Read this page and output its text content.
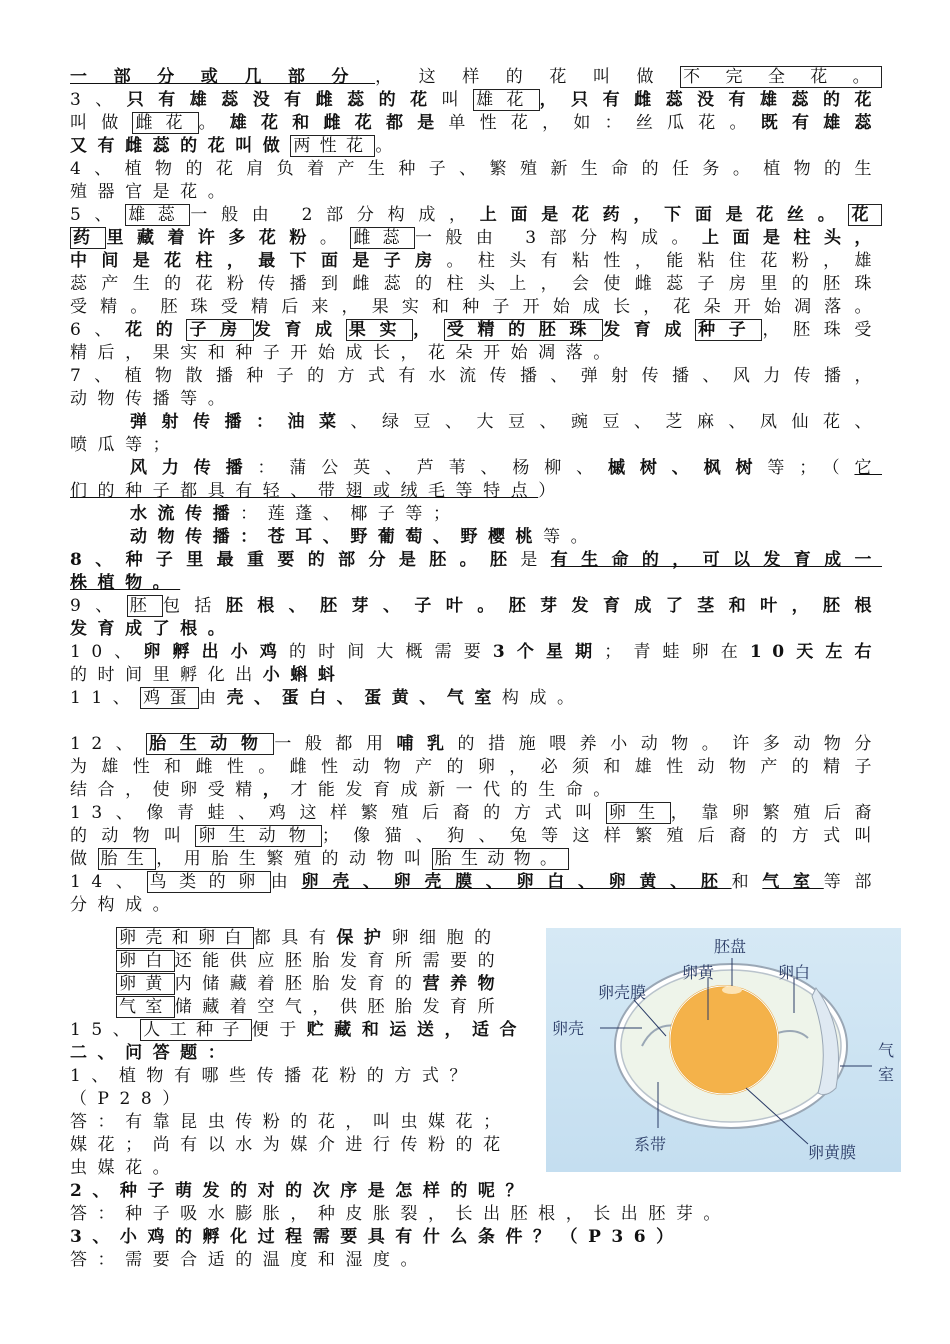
一部分或几部分，这样的花叫做 不完全花。
3、只有雄蕊没有雌蕊的花叫 雄花 ，只有雌蕊没有雄蕊的花
叫做 雌花 。雄花和雌花都是单性花，如：丝瓜花。既有雄蕊
又有雌蕊的花叫做 两性花 。
4、植物的花肩负着产生种子、繁殖新生命的任务。植物的生
殖器官是花。
5、 雄蕊 一般由 2部分构成，上面是花药，下面是花丝。 花
药 里藏着许多花粉。 雌蕊 一般由 3部分构成。上面是柱头，
中间是花柱，最下面是子房。柱头有粘性，能粘住花粉，雄
蕊产生的花粉传播到雌蕊的柱头上，会使雌蕊子房里的胚珠
受精。胚珠受精后来，果实和种子开始成长，花朵开始凋落。
6、花的 子房 发育成 果实 ， 受精的胚珠 发育成 种子 ，胚珠受
精后，果实和种子开始成长，花朵开始凋落。
7、植物散播种子的方式有水流传播、弹射传播、风力传播，
动物传播等。
弹射传播：油菜、绿豆、大豆、豌豆、芝麻、凤仙花、
喷瓜等；
风力传播：蒲公英、芦苇、杨柳、槭树、枫树等；（它
们的种子都具有轻、带翅或绒毛等特点）
水流传播：莲蓬、椰子等；
动物传播：苍耳、野葡萄、野樱桃等。
8、种子里最重要的部分是胚。胚是有生命的，可以发育成一
株植物。
9、 胚 包括胚根、胚芽、子叶。胚芽发育成了茎和叶，胚根
发育成了根。
10、卵孵出小鸡的时间大概需要3个星期；青蛙卵在10天左右
的时间里孵化出小蝌蚪
11、 鸡蛋 由壳、蛋白、蛋黄、气室构成。
12、 胎生动物 一般都用哺乳的措施喂养小动物。许多动物分
为雄性和雌性。雌性动物产的卵，必须和雄性动物产的精子
结合，使卵受精，才能发育成新一代的生命。
13、像青蛙、鸡这样繁殖后裔的方式叫 卵生 ，靠卵繁殖后裔
的动物叫 卵生动物 ；像猫、狗、兔等这样繁殖后裔的方式叫
做 胎生 ，用胎生繁殖的动物叫 胎生动物。
14、 鸟类的卵 由卵壳、卵壳膜、卵白、卵黄、胚和气室等部
分构成。
卵壳和卵白 都具有保护卵细胞的
卵白 还能供应胚胎发育所需要的
卵黄 内储藏着胚胎发育的营养物
气室 储藏着空气，供胚胎发育所
15、 人工种子 便于贮藏和运送，适合
二、问答题：
1、植物有哪些传播花粉的方式？
（P28）
答：有靠昆虫传粉的花，叫虫媒花；
媒花；尚有以水为媒介进行传粉的花
虫媒花。
2、种子萌发的对的次序是怎样的呢？
答：种子吸水膨胀，种皮胀裂，长出胚根，长出胚芽。
3、小鸡的孵化过程需要具有什么条件？（P36）
答：需要合适的温度和湿度。
胚盘
卵黄	卵白
卵壳膜
卵壳
气
室
系带	卵黄膜
